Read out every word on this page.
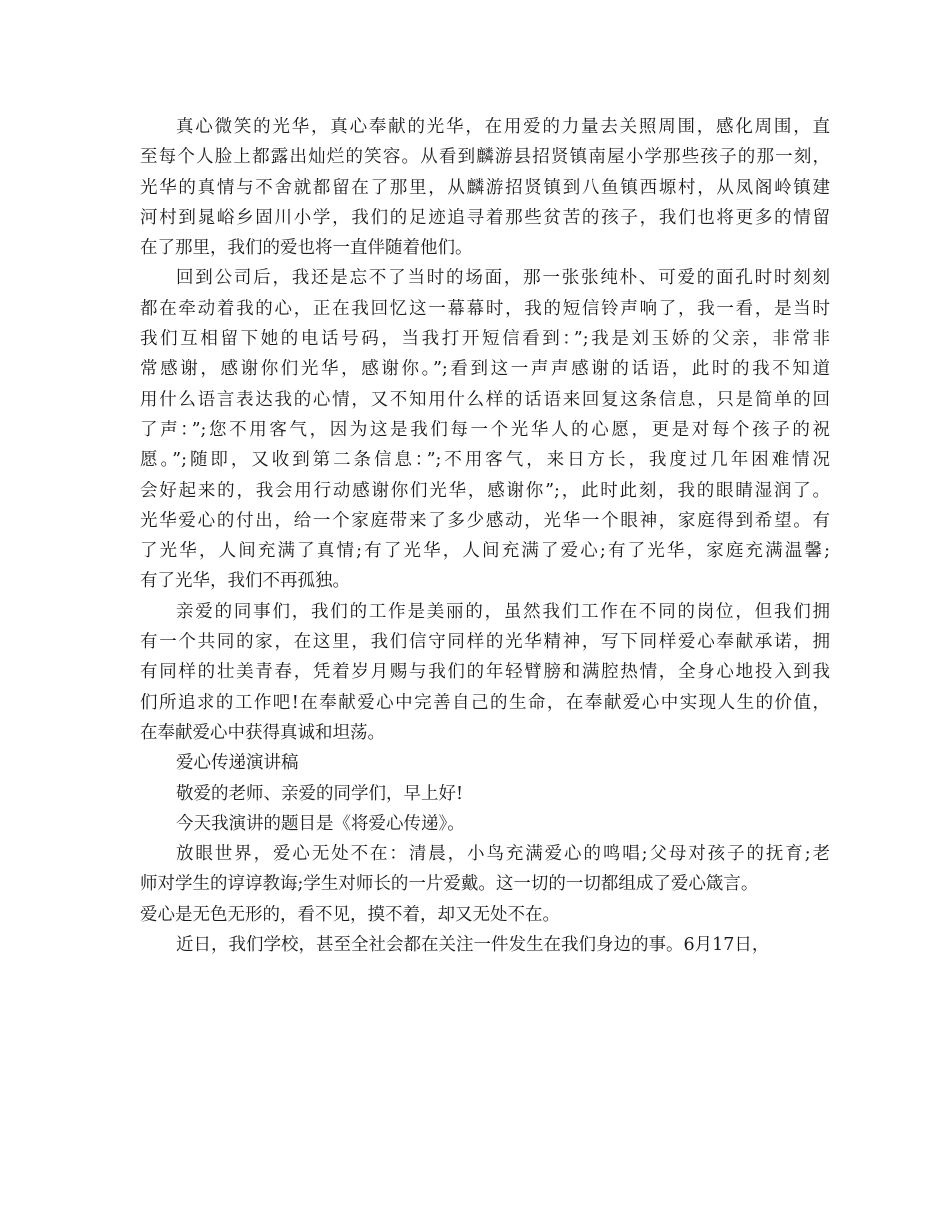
真心微笑的光华，真心奉献的光华，在用爱的力量去关照周围，感化周围，直
至每个人脸上都露出灿烂的笑容。从看到麟游县招贤镇南屋小学那些孩子的那一刻，
光华的真情与不舍就都留在了那里，从麟游招贤镇到八鱼镇西塬村，从凤阁岭镇建
河村到晁峪乡固川小学，我们的足迹追寻着那些贫苦的孩子，我们也将更多的情留
在了那里，我们的爱也将一直伴随着他们。
回到公司后，我还是忘不了当时的场面，那一张张纯朴、可爱的面孔时时刻刻
都在牵动着我的心，正在我回忆这一幕幕时，我的短信铃声响了，我一看，是当时
我们互相留下她的电话号码，当我打开短信看到：”;我是刘玉娇的父亲，非常非
常感谢，感谢你们光华，感谢你。”;看到这一声声感谢的话语，此时的我不知道
用什么语言表达我的心情，又不知用什么样的话语来回复这条信息，只是简单的回
了声：”;您不用客气，因为这是我们每一个光华人的心愿，更是对每个孩子的祝
愿。”;随即，又收到第二条信息：”;不用客气，来日方长，我度过几年困难情况
会好起来的，我会用行动感谢你们光华，感谢你”;，此时此刻，我的眼睛湿润了。
光华爱心的付出，给一个家庭带来了多少感动，光华一个眼神，家庭得到希望。有
了光华，人间充满了真情;有了光华，人间充满了爱心;有了光华，家庭充满温馨;
有了光华，我们不再孤独。
亲爱的同事们，我们的工作是美丽的，虽然我们工作在不同的岗位，但我们拥
有一个共同的家，在这里，我们信守同样的光华精神，写下同样爱心奉献承诺，拥
有同样的壮美青春，凭着岁月赐与我们的年轻臂膀和满腔热情，全身心地投入到我
们所追求的工作吧!在奉献爱心中完善自己的生命，在奉献爱心中实现人生的价值，
在奉献爱心中获得真诚和坦荡。
爱心传递演讲稿
敬爱的老师、亲爱的同学们，早上好!
今天我演讲的题目是《将爱心传递》。
放眼世界，爱心无处不在：清晨，小鸟充满爱心的鸣唱;父母对孩子的抚育;老
师对学生的谆谆教诲;学生对师长的一片爱戴。这一切的一切都组成了爱心箴言。
爱心是无色无形的，看不见，摸不着，却又无处不在。
近日，我们学校，甚至全社会都在关注一件发生在我们身边的事。6月17日，
